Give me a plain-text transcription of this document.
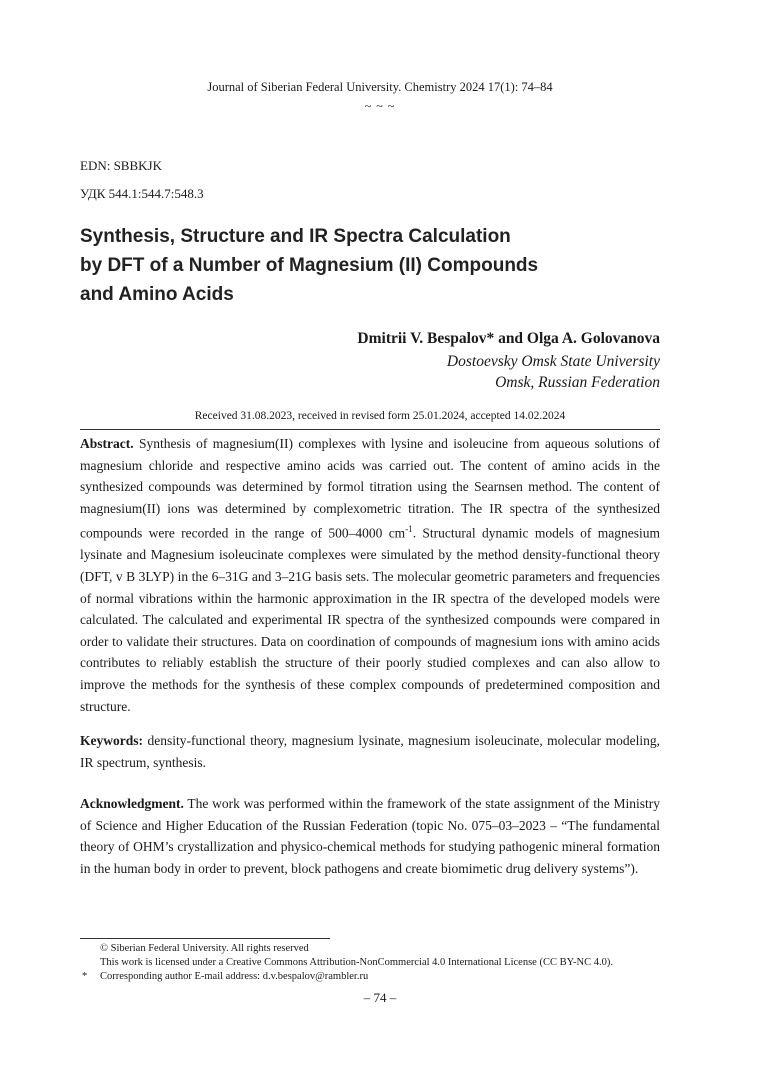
Journal of Siberian Federal University. Chemistry 2024 17(1): 74–84
~ ~ ~
EDN: SBBKJK
УДК 544.1:544.7:548.3
Synthesis, Structure and IR Spectra Calculation
by DFT of a Number of Magnesium (II) Compounds
and Amino Acids
Dmitrii V. Bespalov* and Olga A. Golovanova
Dostoevsky Omsk State University
Omsk, Russian Federation
Received 31.08.2023, received in revised form 25.01.2024, accepted 14.02.2024

Abstract. Synthesis of magnesium(II) complexes with lysine and isoleucine from aqueous solutions of magnesium chloride and respective amino acids was carried out. The content of amino acids in the synthesized compounds was determined by formol titration using the Searnsen method. The content of magnesium(II) ions was determined by complexometric titration. The IR spectra of the synthesized compounds were recorded in the range of 500–4000 $cm^{-1}$. Structural dynamic models of magnesium lysinate and Magnesium isoleucinate complexes were simulated by the method density-functional theory (DFT, v B 3LYP) in the 6–31G and 3–21G basis sets. The molecular geometric parameters and frequencies of normal vibrations within the harmonic approximation in the IR spectra of the developed models were calculated. The calculated and experimental IR spectra of the synthesized compounds were compared in order to validate their structures. Data on coordination of compounds of magnesium ions with amino acids contributes to reliably establish the structure of their poorly studied complexes and can also allow to improve the methods for the synthesis of these complex compounds of predetermined composition and structure.

Keywords: density-functional theory, magnesium lysinate, magnesium isoleucinate, molecular modeling, IR spectrum, synthesis.

Acknowledgment. The work was performed within the framework of the state assignment of the Ministry of Science and Higher Education of the Russian Federation (topic No. 075–03–2023 – “The fundamental theory of OHM’s crystallization and physico-chemical methods for studying pathogenic mineral formation in the human body in order to prevent, block pathogens and create biomimetic drug delivery systems”).

© Siberian Federal University. All rights reserved
This work is licensed under a Creative Commons Attribution-NonCommercial 4.0 International License (CC BY-NC 4.0).
* Corresponding author E-mail address: d.v.bespalov@rambler.ru
– 74 –
